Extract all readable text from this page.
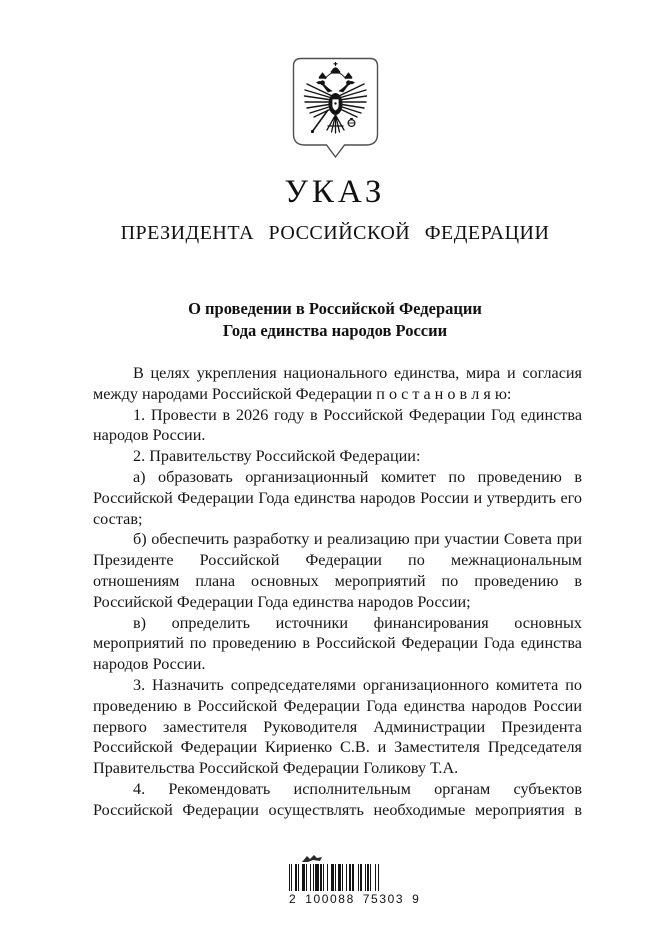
УКАЗ
ПРЕЗИДЕНТА РОССИЙСКОЙ ФЕДЕРАЦИИ
О проведении в Российской Федерации
Года единства народов России

В целях укрепления национального единства, мира и согласия между народами Российской Федерации п о с т а н о в л я ю:

1. Провести в 2026 году в Российской Федерации Год единства народов России.

2. Правительству Российской Федерации:

а) образовать организационный комитет по проведению в Российской Федерации Года единства народов России и утвердить его состав;

б) обеспечить разработку и реализацию при участии Совета при Президенте Российской Федерации по межнациональным отношениям плана основных мероприятий по проведению в Российской Федерации Года единства народов России;

в) определить источники финансирования основных мероприятий по проведению в Российской Федерации Года единства народов России.

3. Назначить сопредседателями организационного комитета по проведению в Российской Федерации Года единства народов России первого заместителя Руководителя Администрации Президента Российской Федерации Кириенко С.В. и Заместителя Председателя Правительства Российской Федерации Голикову Т.А.

4. Рекомендовать исполнительным органам субъектов Российской Федерации осуществлять необходимые мероприятия в

2 100088 75303 9
